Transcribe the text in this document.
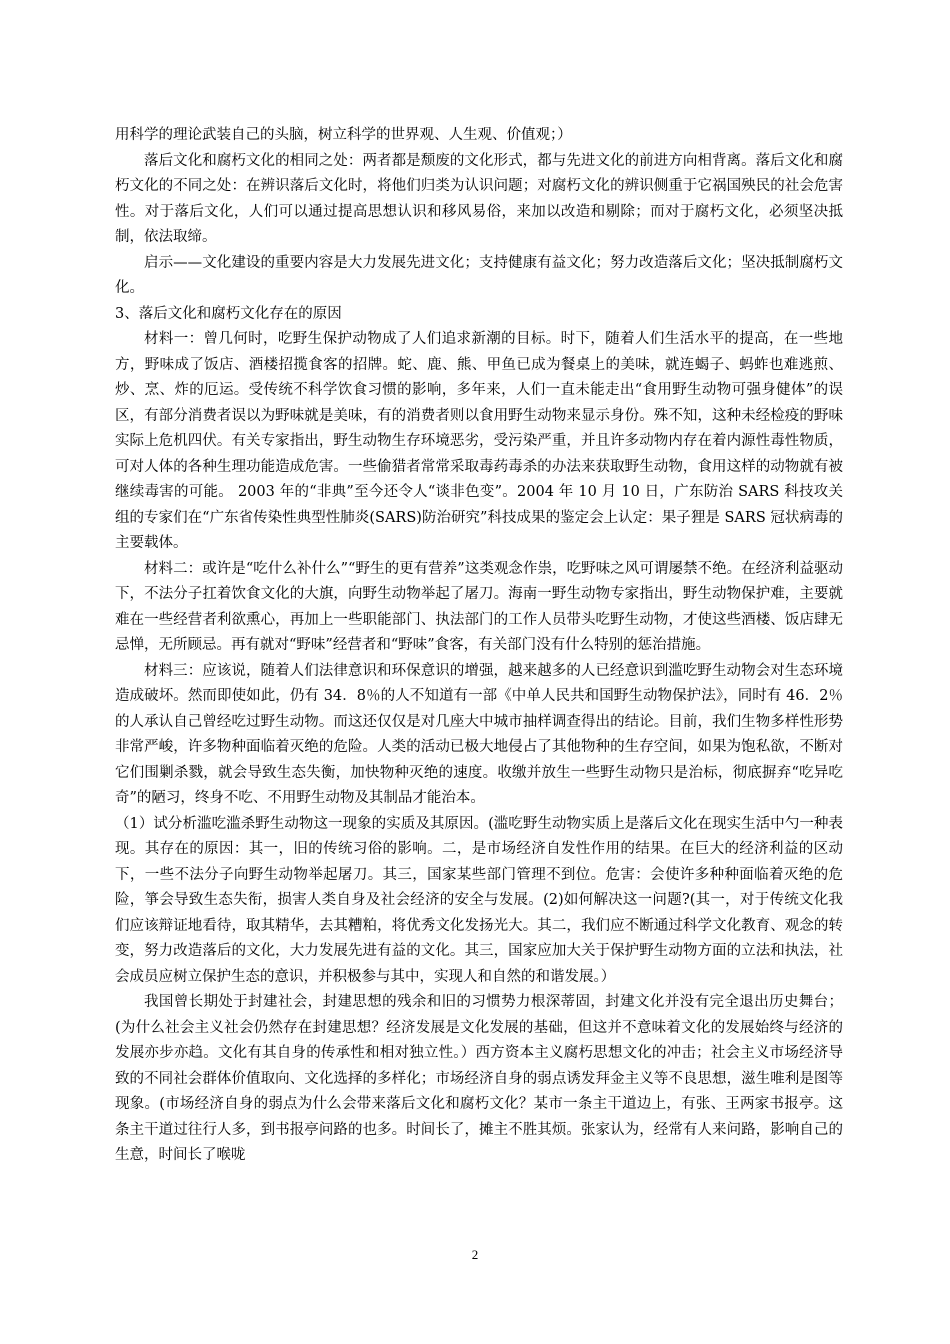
用科学的理论武装自己的头脑，树立科学的世界观、人生观、价值观；）

落后文化和腐朽文化的相同之处：两者都是颓废的文化形式，都与先进文化的前进方向相背离。落后文化和腐朽文化的不同之处：在辨识落后文化时，将他们归类为认识问题；对腐朽文化的辨识侧重于它祸国殃民的社会危害性。对于落后文化，人们可以通过提高思想认识和移风易俗，来加以改造和剔除；而对于腐朽文化，必须坚决抵制，依法取缔。

启示——文化建设的重要内容是大力发展先进文化；支持健康有益文化；努力改造落后文化；坚决抵制腐朽文化。

3、落后文化和腐朽文化存在的原因

材料一：曾几何时，吃野生保护动物成了人们追求新潮的目标。时下，随着人们生活水平的提高，在一些地方，野味成了饭店、酒楼招揽食客的招牌。蛇、鹿、熊、甲鱼已成为餐桌上的美味，就连蝎子、蚂蚱也难逃煎、炒、烹、炸的厄运。受传统不科学饮食习惯的影响，多年来，人们一直未能走出“食用野生动物可强身健体”的误区，有部分消费者误以为野味就是美味，有的消费者则以食用野生动物来显示身份。殊不知，这种未经检疫的野味实际上危机四伏。有关专家指出，野生动物生存环境恶劣，受污染严重，并且许多动物内存在着内源性毒性物质，可对人体的各种生理功能造成危害。一些偷猎者常常采取毒药毒杀的办法来获取野生动物，食用这样的动物就有被继续毒害的可能。 2003 年的“非典”至今还令人“谈非色变”。2004 年 10 月 10 日，广东防治 SARS 科技攻关组的专家们在“广东省传染性典型性肺炎(SARS)防治研究”科技成果的鉴定会上认定：果子狸是 SARS 冠状病毒的主要载体。

材料二：或许是“吃什么补什么”“野生的更有营养”这类观念作祟，吃野味之风可谓屡禁不绝。在经济利益驱动下，不法分子扛着饮食文化的大旗，向野生动物举起了屠刀。海南一野生动物专家指出，野生动物保护难，主要就难在一些经营者利欲熏心，再加上一些职能部门、执法部门的工作人员带头吃野生动物，才使这些酒楼、饭店肆无忌惮，无所顾忌。再有就对“野味”经营者和“野味”食客，有关部门没有什么特别的惩治措施。

材料三：应该说，随着人们法律意识和环保意识的增强，越来越多的人已经意识到滥吃野生动物会对生态环境造成破坏。然而即使如此，仍有 34．8％的人不知道有一部《中单人民共和国野生动物保护法》，同时有 46．2％的人承认自己曾经吃过野生动物。而这还仅仅是对几座大中城市抽样调查得出的结论。目前，我们生物多样性形势非常严峻，许多物种面临着灭绝的危险。人类的活动已极大地侵占了其他物种的生存空间，如果为饱私欲，不断对它们围剿杀戮，就会导致生态失衡，加快物种灭绝的速度。收缴并放生一些野生动物只是治标，彻底摒弃“吃异吃奇”的陋习，终身不吃、不用野生动物及其制品才能治本。

（1）试分析滥吃滥杀野生动物这一现象的实质及其原因。(滥吃野生动物实质上是落后文化在现实生活中勺一种表现。其存在的原因：其一，旧的传统习俗的影响。二，是市场经济自发性作用的结果。在巨大的经济利益的区动下，一些不法分子向野生动物举起屠刀。其三，国家某些部门管理不到位。危害：会使许多种种面临着灭绝的危险，箏会导致生态失衔，损害人类自身及社会经济的安全与发展。(2)如何解决这一问题?(其一，对于传统文化我们应该辩证地看待，取其精华，去其糟粕，将优秀文化发扬光大。其二，我们应不断通过科学文化教育、观念的转变，努力改造落后的文化，大力发展先进有益的文化。其三，国家应加大关于保护野生动物方面的立法和执法，社会成员应树立保护生态的意识，并积极参与其中，实现人和自然的和谐发展。）

我国曾长期处于封建社会，封建思想的残余和旧的习惯势力根深蒂固，封建文化并没有完全退出历史舞台；(为什么社会主义社会仍然存在封建思想？经济发展是文化发展的基础，但这并不意味着文化的发展始终与经济的发展亦步亦趋。文化有其自身的传承性和相对独立性。）西方资本主义腐朽思想文化的冲击；社会主义市场经济导致的不同社会群体价值取向、文化选择的多样化；市场经济自身的弱点诱发拜金主义等不良思想，滋生唯利是图等现象。(市场经济自身的弱点为什么会带来落后文化和腐朽文化？某市一条主干道边上，有张、王两家书报亭。这条主干道过往行人多，到书报亭问路的也多。时间长了，摊主不胜其烦。张家认为，经常有人来问路，影响自己的生意，时间长了喉咙

2
